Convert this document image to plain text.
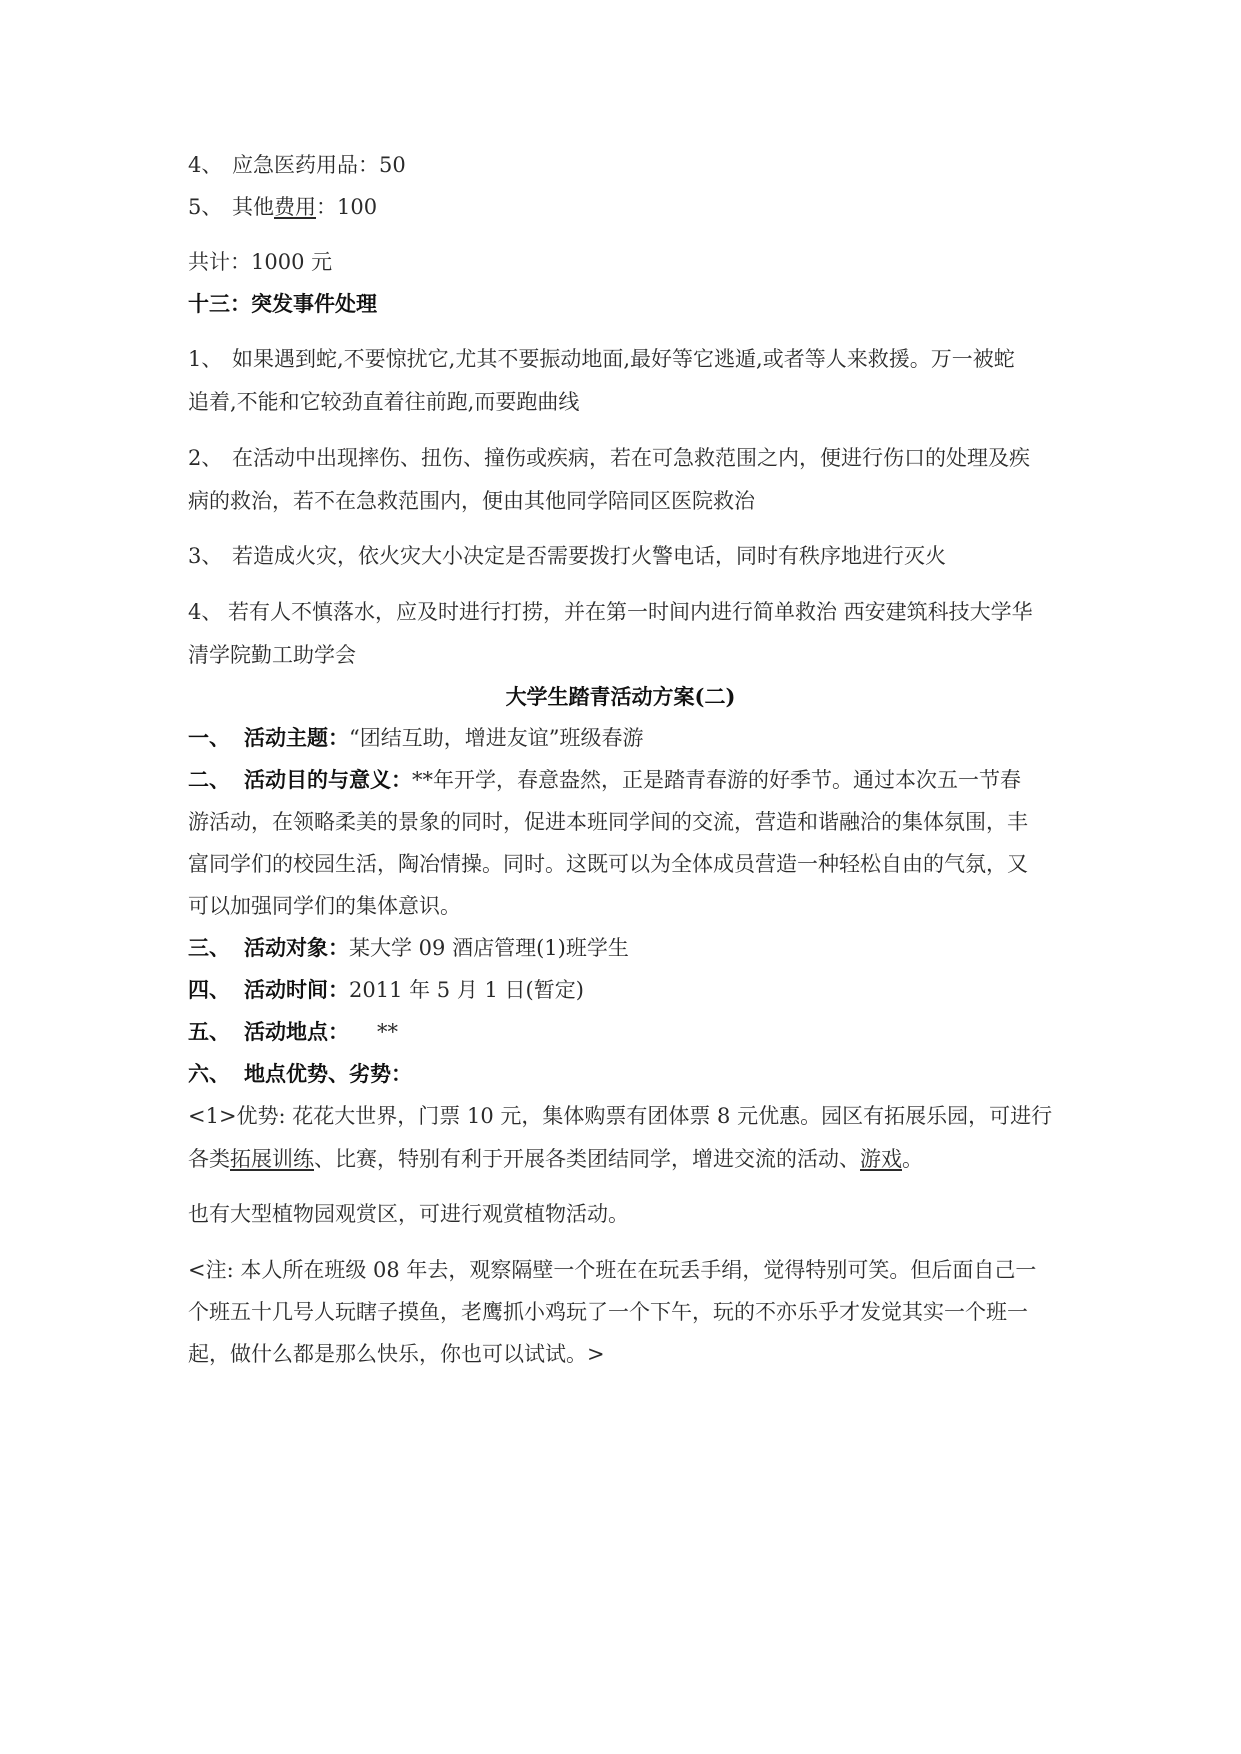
4、 应急医药用品：50
5、 其他费用：100
共计：1000 元
十三：突发事件处理
1、 如果遇到蛇,不要惊扰它,尤其不要振动地面,最好等它逃遁,或者等人来救援。万一被蛇
追着,不能和它较劲直着往前跑,而要跑曲线
2、 在活动中出现摔伤、扭伤、撞伤或疾病，若在可急救范围之内，便进行伤口的处理及疾
病的救治，若不在急救范围内，便由其他同学陪同区医院救治
3、 若造成火灾，依火灾大小决定是否需要拨打火警电话，同时有秩序地进行灭火
4、 若有人不慎落水，应及时进行打捞，并在第一时间内进行简单救治 西安建筑科技大学华
清学院勤工助学会
大学生踏青活动方案(二)
一、 活动主题：“团结互助，增进友谊”班级春游
二、 活动目的与意义：**年开学，春意盎然，正是踏青春游的好季节。通过本次五一节春
游活动，在领略柔美的景象的同时，促进本班同学间的交流，营造和谐融洽的集体氛围，丰
富同学们的校园生活，陶冶情操。同时。这既可以为全体成员营造一种轻松自由的气氛，又
可以加强同学们的集体意识。
三、 活动对象：某大学 09 酒店管理(1)班学生
四、 活动时间：2011 年 5 月 1 日(暂定)
五、 活动地点： **
六、 地点优势、劣势：
<1>优势: 花花大世界，门票 10 元，集体购票有团体票 8 元优惠。园区有拓展乐园，可进行
各类拓展训练、比赛，特别有利于开展各类团结同学，增进交流的活动、游戏。
也有大型植物园观赏区，可进行观赏植物活动。
<注: 本人所在班级 08 年去，观察隔壁一个班在在玩丢手绢，觉得特别可笑。但后面自己一
个班五十几号人玩瞎子摸鱼，老鹰抓小鸡玩了一个下午，玩的不亦乐乎才发觉其实一个班一
起，做什么都是那么快乐，你也可以试试。>
